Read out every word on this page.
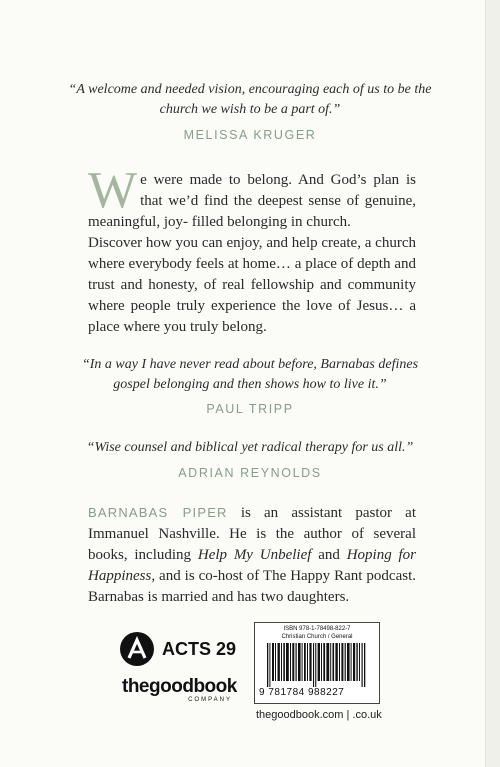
“A welcome and needed vision, encouraging each of us to be the
church we wish to be a part of.”
MELISSA KRUGER
W e were made to belong. And God’s plan is that we’d find the deepest sense of genuine, meaningful, joy- filled belonging in church.
Discover how you can enjoy, and help create, a church where everybody feels at home… a place of depth and trust and honesty, of real fellowship and community where people truly experience the love of Jesus… a place where you truly belong.
“In a way I have never read about before, Barnabas defines
gospel belonging and then shows how to live it.”
PAUL TRIPP
“Wise counsel and biblical yet radical therapy for us all.”
ADRIAN REYNOLDS
BARNABAS PIPER is an assistant pastor at Immanuel Nashville. He is the author of several books, including Help My Unbelief and Hoping for Happiness, and is co-host of The Happy Rant podcast. Barnabas is married and has two daughters.
ACTS 29
thegoodbook
COMPANY
ISBN 978-1-78498-822-7
Christian Church / General
9 781784 988227
thegoodbook.com | .co.uk
